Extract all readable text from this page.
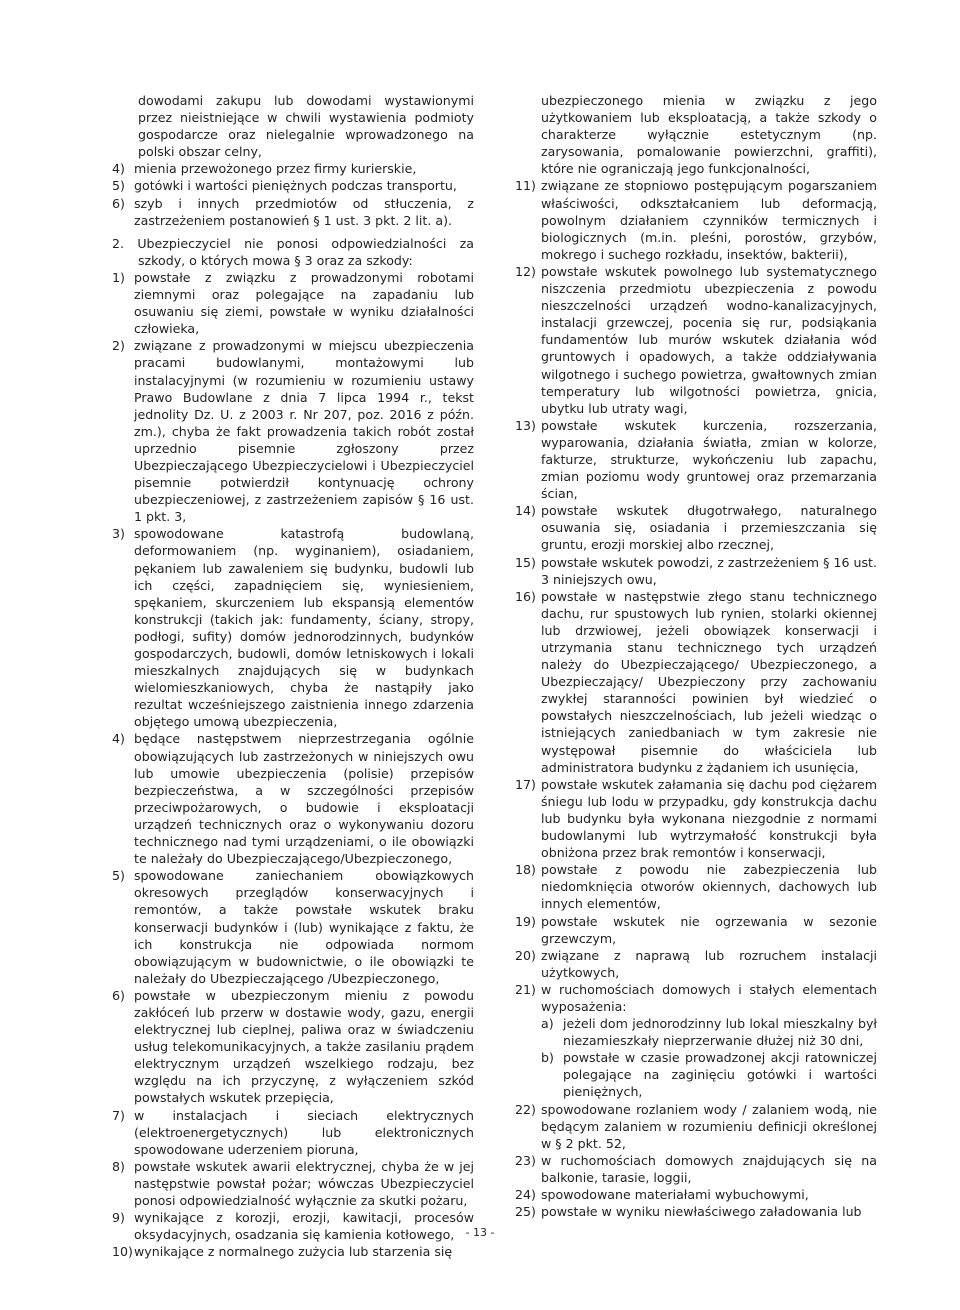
dowodami zakupu lub dowodami wystawionymi przez nieistniejące w chwili wystawienia podmioty gospodarcze oraz nielegalnie wprowadzonego na polski obszar celny,

4) mienia przewożonego przez firmy kurierskie,
5) gotówki i wartości pieniężnych podczas transportu,
6) szyb i innych przedmiotów od stłuczenia, z zastrzeżeniem postanowień § 1 ust. 3 pkt. 2 lit. a).

2. Ubezpieczyciel nie ponosi odpowiedzialności za szkody, o których mowa § 3 oraz za szkody:

1) powstałe z związku z prowadzonymi robotami ziemnymi oraz polegające na zapadaniu lub osuwaniu się ziemi, powstałe w wyniku działalności człowieka,
2) związane z prowadzonymi w miejscu ubezpieczenia pracami budowlanymi, montażowymi lub instalacyjnymi (w rozumieniu w rozumieniu ustawy Prawo Budowlane z dnia 7 lipca 1994 r., tekst jednolity Dz. U. z 2003 r. Nr 207, poz. 2016 z późn. zm.), chyba że fakt prowadzenia takich robót został uprzednio pisemnie zgłoszony przez Ubezpieczającego Ubezpieczycielowi i Ubezpieczyciel pisemnie potwierdził kontynuację ochrony ubezpieczeniowej, z zastrzeżeniem zapisów § 16 ust. 1 pkt. 3,
3) spowodowane katastrofą budowlaną, deformowaniem (np. wyginaniem), osiadaniem, pękaniem lub zawaleniem się budynku, budowli lub ich części, zapadnięciem się, wyniesieniem, spękaniem, skurczeniem lub ekspansją elementów konstrukcji (takich jak: fundamenty, ściany, stropy, podłogi, sufity) domów jednorodzinnych, budynków gospodarczych, budowli, domów letniskowych i lokali mieszkalnych znajdujących się w budynkach wielomieszkaniowych, chyba że nastąpiły jako rezultat wcześniejszego zaistnienia innego zdarzenia objętego umową ubezpieczenia,
4) będące następstwem nieprzestrzegania ogólnie obowiązujących lub zastrzeżonych w niniejszych owu lub umowie ubezpieczenia (polisie) przepisów bezpieczeństwa, a w szczególności przepisów przeciwpożarowych, o budowie i eksploatacji urządzeń technicznych oraz o wykonywaniu dozoru technicznego nad tymi urządzeniami, o ile obowiązki te należały do Ubezpieczającego/Ubezpieczonego,
5) spowodowane zaniechaniem obowiązkowych okresowych przeglądów konserwacyjnych i remontów, a także powstałe wskutek braku konserwacji budynków i (lub) wynikające z faktu, że ich konstrukcja nie odpowiada normom obowiązującym w budownictwie, o ile obowiązki te należały do Ubezpieczającego /Ubezpieczonego,
6) powstałe w ubezpieczonym mieniu z powodu zakłóceń lub przerw w dostawie wody, gazu, energii elektrycznej lub cieplnej, paliwa oraz w świadczeniu usług telekomunikacyjnych, a także zasilaniu prądem elektrycznym urządzeń wszelkiego rodzaju, bez względu na ich przyczynę, z wyłączeniem szkód powstałych wskutek przepięcia,
7) w instalacjach i sieciach elektrycznych (elektroenergetycznych) lub elektronicznych spowodowane uderzeniem pioruna,
8) powstałe wskutek awarii elektrycznej, chyba że w jej następstwie powstał pożar; wówczas Ubezpieczyciel ponosi odpowiedzialność wyłącznie za skutki pożaru,
9) wynikające z korozji, erozji, kawitacji, procesów oksydacyjnych, osadzania się kamienia kotłowego,
10) wynikające z normalnego zużycia lub starzenia się

ubezpieczonego mienia w związku z jego użytkowaniem lub eksploatacją, a także szkody o charakterze wyłącznie estetycznym (np. zarysowania, pomalowanie powierzchni, graffiti), które nie ograniczają jego funkcjonalności,

11) związane ze stopniowo postępującym pogarszaniem właściwości, odkształcaniem lub deformacją, powolnym działaniem czynników termicznych i biologicznych (m.in. pleśni, porostów, grzybów, mokrego i suchego rozkładu, insektów, bakterii),
12) powstałe wskutek powolnego lub systematycznego niszczenia przedmiotu ubezpieczenia z powodu nieszczelności urządzeń wodno-kanalizacyjnych, instalacji grzewczej, pocenia się rur, podsiąkania fundamentów lub murów wskutek działania wód gruntowych i opadowych, a także oddziaływania wilgotnego i suchego powietrza, gwałtownych zmian temperatury lub wilgotności powietrza, gnicia, ubytku lub utraty wagi,
13) powstałe wskutek kurczenia, rozszerzania, wyparowania, działania światła, zmian w kolorze, fakturze, strukturze, wykończeniu lub zapachu, zmian poziomu wody gruntowej oraz przemarzania ścian,
14) powstałe wskutek długotrwałego, naturalnego osuwania się, osiadania i przemieszczania się gruntu, erozji morskiej albo rzecznej,
15) powstałe wskutek powodzi, z zastrzeżeniem § 16 ust. 3 niniejszych owu,
16) powstałe w następstwie złego stanu technicznego dachu, rur spustowych lub rynien, stolarki okiennej lub drzwiowej, jeżeli obowiązek konserwacji i utrzymania stanu technicznego tych urządzeń należy do Ubezpieczającego/ Ubezpieczonego, a Ubezpieczający/ Ubezpieczony przy zachowaniu zwykłej staranności powinien był wiedzieć o powstałych nieszczelnościach, lub jeżeli wiedząc o istniejących zaniedbaniach w tym zakresie nie występował pisemnie do właściciela lub administratora budynku z żądaniem ich usunięcia,
17) powstałe wskutek załamania się dachu pod ciężarem śniegu lub lodu w przypadku, gdy konstrukcja dachu lub budynku była wykonana niezgodnie z normami budowlanymi lub wytrzymałość konstrukcji była obniżona przez brak remontów i konserwacji,
18) powstałe z powodu nie zabezpieczenia lub niedomknięcia otworów okiennych, dachowych lub innych elementów,
19) powstałe wskutek nie ogrzewania w sezonie grzewczym,
20) związane z naprawą lub rozruchem instalacji użytkowych,
21) w ruchomościach domowych i stałych elementach wyposażenia:
a) jeżeli dom jednorodzinny lub lokal mieszkalny był niezamieszkały nieprzerwanie dłużej niż 30 dni,
b) powstałe w czasie prowadzonej akcji ratowniczej polegające na zaginięciu gotówki i wartości pieniężnych,
22) spowodowane rozlaniem wody / zalaniem wodą, nie będącym zalaniem w rozumieniu definicji określonej w § 2 pkt. 52,
23) w ruchomościach domowych znajdujących się na balkonie, tarasie, loggii,
24) spowodowane materiałami wybuchowymi,
25) powstałe w wyniku niewłaściwego załadowania lub
- 13 -
